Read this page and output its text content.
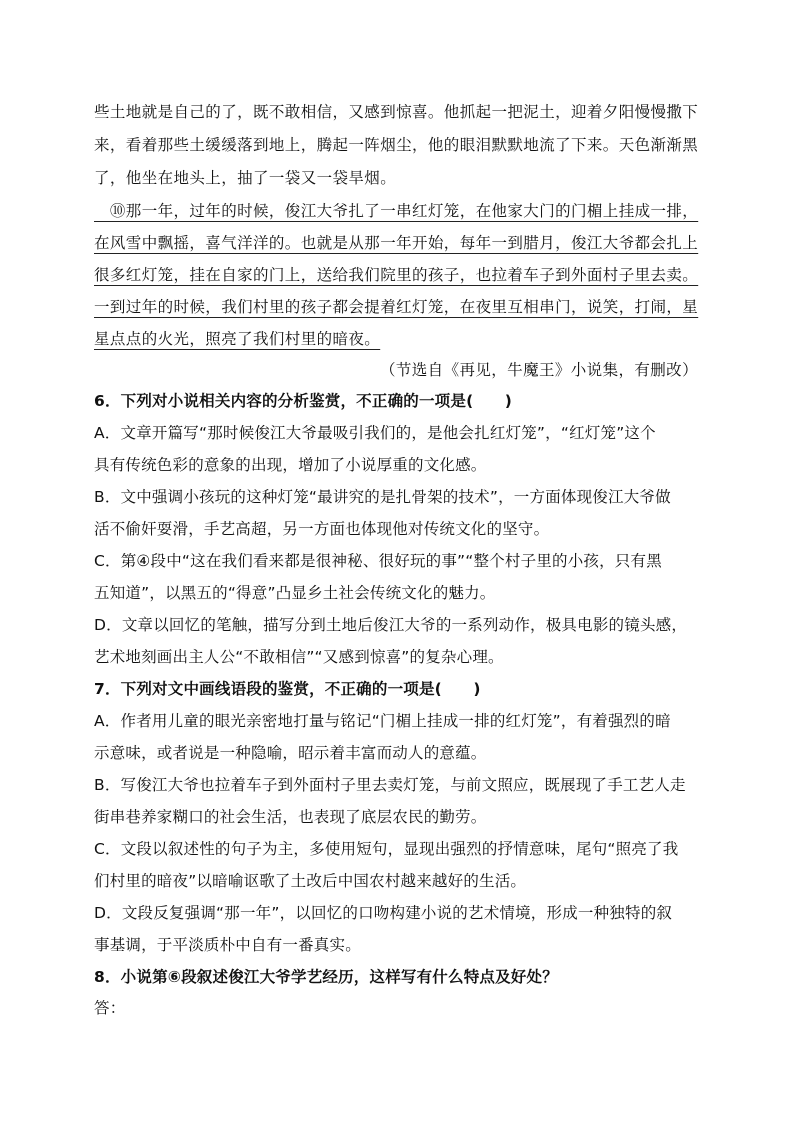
些土地就是自己的了，既不敢相信，又感到惊喜。他抓起一把泥土，迎着夕阳慢慢撒下
来，看着那些土缓缓落到地上，腾起一阵烟尘，他的眼泪默默地流了下来。天色渐渐黑
了，他坐在地头上，抽了一袋又一袋旱烟。
　⑩那一年，过年的时候，俊江大爷扎了一串红灯笼，在他家大门的门楣上挂成一排，
在风雪中飘摇，喜气洋洋的。也就是从那一年开始，每年一到腊月，俊江大爷都会扎上
很多红灯笼，挂在自家的门上，送给我们院里的孩子，也拉着车子到外面村子里去卖。
一到过年的时候，我们村里的孩子都会提着红灯笼，在夜里互相串门，说笑，打闹，星
星点点的火光，照亮了我们村里的暗夜。
（节选自《再见，牛魔王》小说集，有删改）
6．下列对小说相关内容的分析鉴赏，不正确的一项是(　　)
A．文章开篇写“那时候俊江大爷最吸引我们的，是他会扎红灯笼”，“红灯笼”这个
具有传统色彩的意象的出现，增加了小说厚重的文化感。
B．文中强调小孩玩的这种灯笼“最讲究的是扎骨架的技术”，一方面体现俊江大爷做
活不偷奸耍滑，手艺高超，另一方面也体现他对传统文化的坚守。
C．第④段中“这在我们看来都是很神秘、很好玩的事”“整个村子里的小孩，只有黑
五知道”，以黑五的“得意”凸显乡土社会传统文化的魅力。
D．文章以回忆的笔触，描写分到土地后俊江大爷的一系列动作，极具电影的镜头感，
艺术地刻画出主人公“不敢相信”“又感到惊喜”的复杂心理。
7．下列对文中画线语段的鉴赏，不正确的一项是(　　)
A．作者用儿童的眼光亲密地打量与铭记“门楣上挂成一排的红灯笼”，有着强烈的暗
示意味，或者说是一种隐喻，昭示着丰富而动人的意蕴。
B．写俊江大爷也拉着车子到外面村子里去卖灯笼，与前文照应，既展现了手工艺人走
街串巷养家糊口的社会生活，也表现了底层农民的勤劳。
C．文段以叙述性的句子为主，多使用短句，显现出强烈的抒情意味，尾句“照亮了我
们村里的暗夜”以暗喻讴歌了土改后中国农村越来越好的生活。
D．文段反复强调“那一年”，以回忆的口吻构建小说的艺术情境，形成一种独特的叙
事基调，于平淡质朴中自有一番真实。
8．小说第⑥段叙述俊江大爷学艺经历，这样写有什么特点及好处？
答：
